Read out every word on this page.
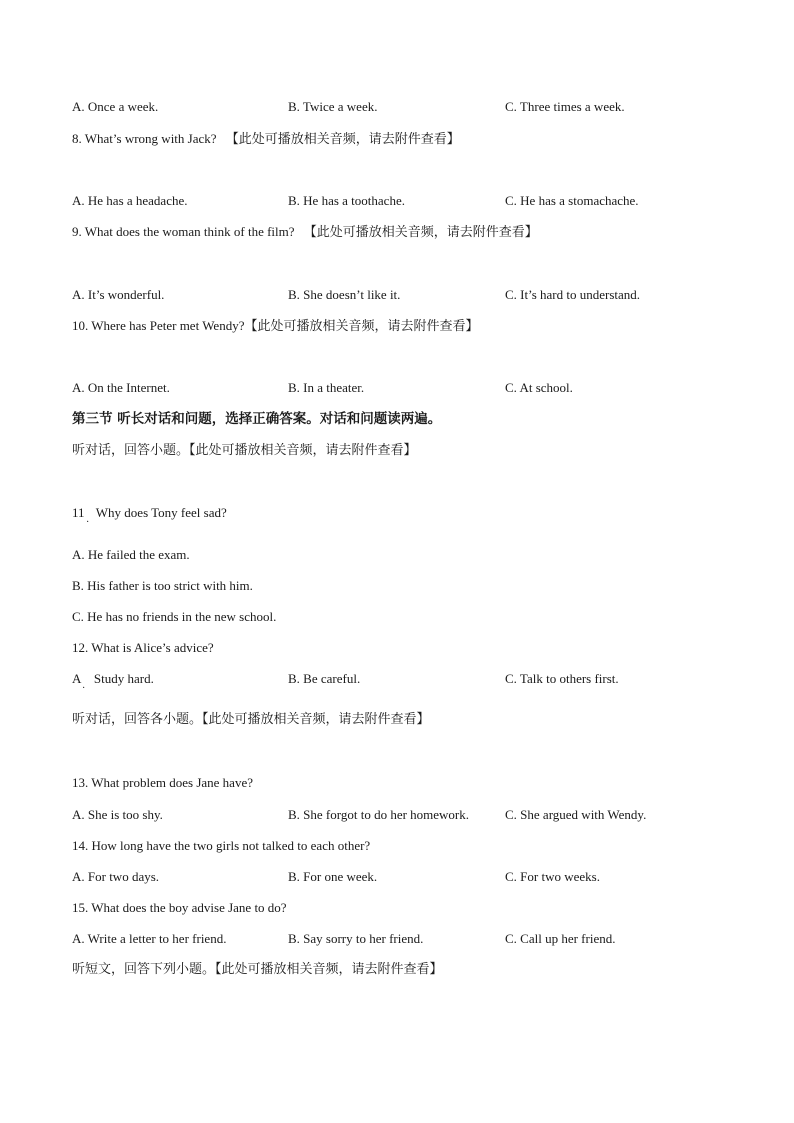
A. Once a week.	B. Twice a week.	C. Three times a week.
8. What’s wrong with Jack? 【此处可播放相关音频，请去附件查看】
A. He has a headache.	B. He has a toothache.	C. He has a stomachache.
9. What does the woman think of the film? 【此处可播放相关音频，请去附件查看】
A. It’s wonderful.	B. She doesn’t like it.	C. It’s hard to understand.
10. Where has Peter met Wendy?【此处可播放相关音频，请去附件查看】
A. On the Internet.	B. In a theater.	C. At school.
第三节 听长对话和问题，选择正确答案。对话和问题读两遍。
听对话，回答小题。【此处可播放相关音频，请去附件查看】
11 Why does Tony feel sad?
·
A. He failed the exam.
B. His father is too strict with him.
C. He has no friends in the new school.
12. What is Alice’s advice?
A Study hard.	B. Be careful.	C. Talk to others first.
·
听对话，回答各小题。【此处可播放相关音频，请去附件查看】
13. What problem does Jane have?
A. She is too shy.	B. She forgot to do her homework.	C. She argued with Wendy.
14. How long have the two girls not talked to each other?
A. For two days.	B. For one week.	C. For two weeks.
15. What does the boy advise Jane to do?
A. Write a letter to her friend.	B. Say sorry to her friend.	C. Call up her friend.
听短文，回答下列小题。【此处可播放相关音频，请去附件查看】
